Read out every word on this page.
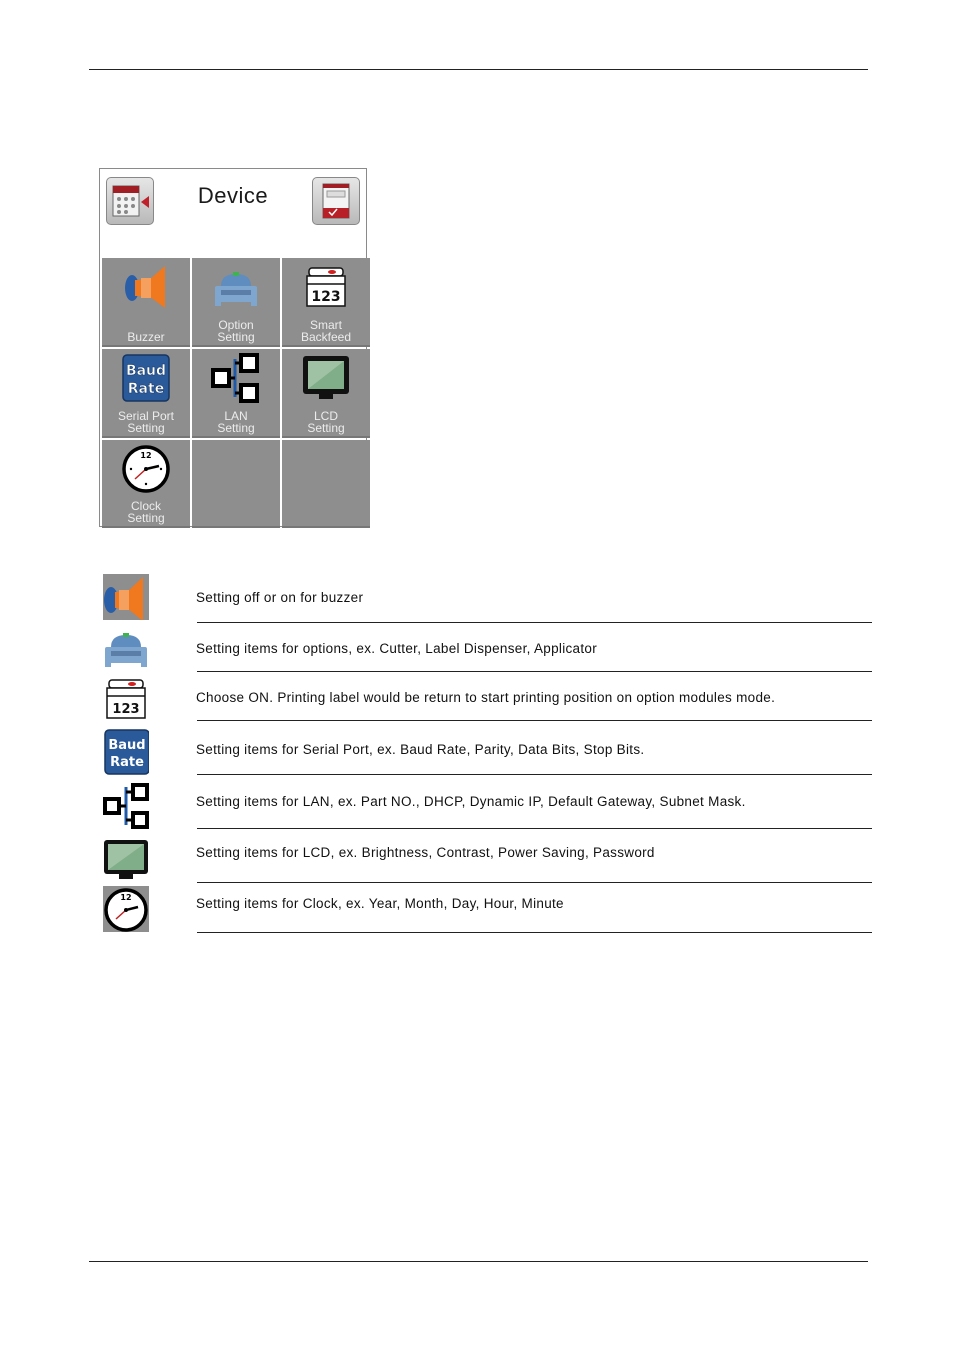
Device
Buzzer
Option
Setting
123
Smart
Backfeed
Baud
Rate
Serial Port
Setting
LAN
Setting
LCD
Setting
12
Clock
Setting
Setting off or on for buzzer
Setting items for options, ex. Cutter, Label Dispenser, Applicator
123
Choose ON. Printing label would be return to start printing position on option modules mode.
Baud
Rate
Setting items for Serial Port, ex. Baud Rate, Parity, Data Bits, Stop Bits.
Setting items for LAN, ex. Part NO., DHCP, Dynamic IP, Default Gateway, Subnet Mask.
Setting items for LCD, ex. Brightness, Contrast, Power Saving, Password
12	Setting items for Clock, ex. Year, Month, Day, Hour, Minute
